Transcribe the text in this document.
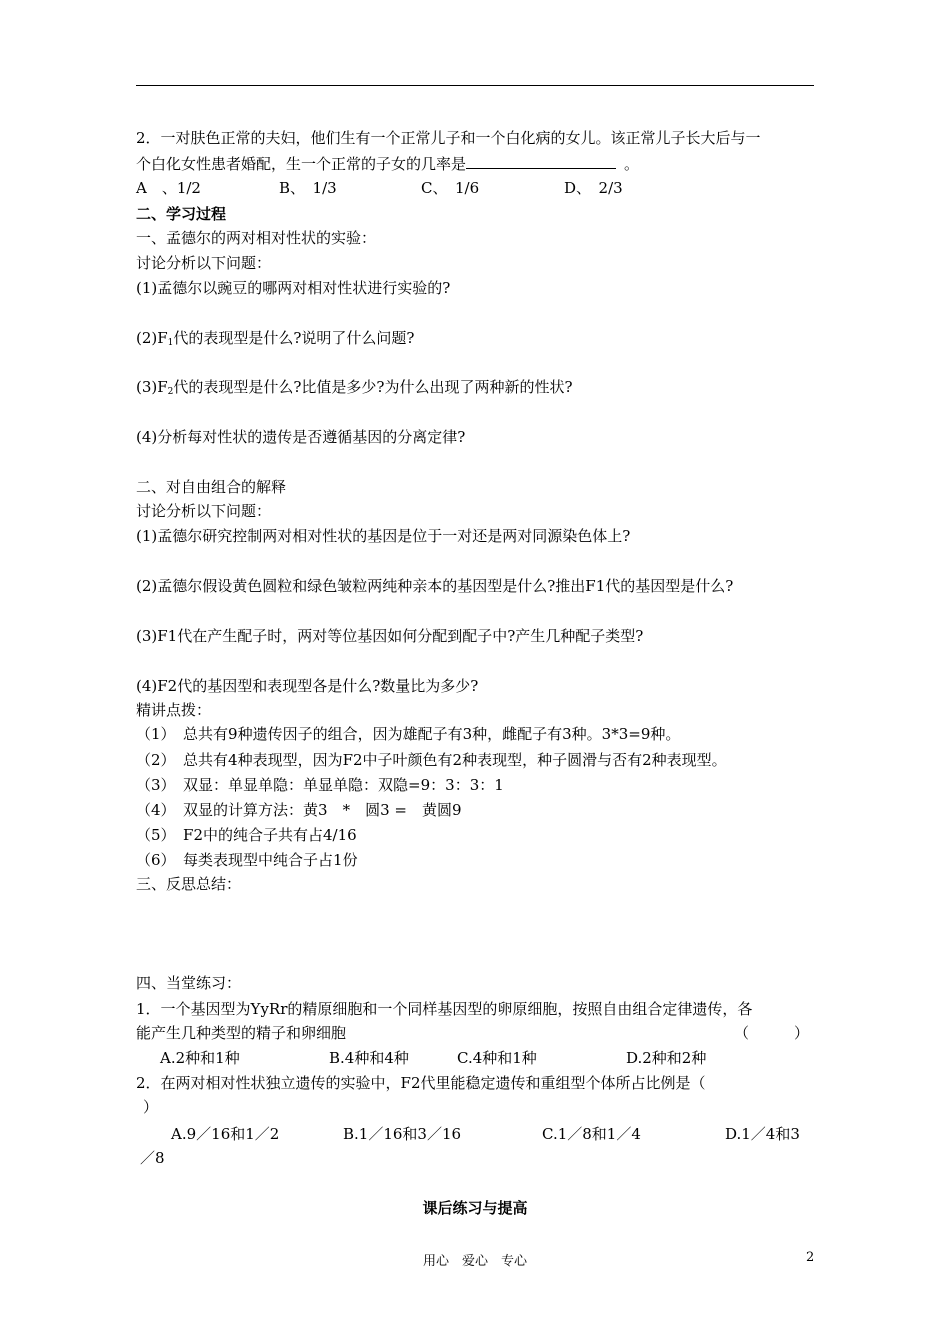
2．一对肤色正常的夫妇，他们生有一个正常儿子和一个白化病的女儿。该正常儿子长大后与一
个白化女性患者婚配，生一个正常的子女的几率是	。
A　、1/2	B、　1/3	C、　1/6	D、　2/3
二、学习过程
一、孟德尔的两对相对性状的实验：
讨论分析以下问题：
(1)孟德尔以豌豆的哪两对相对性状进行实验的?
$(2)F_1$代的表现型是什么?说明了什么问题?
$(3)F_2$代的表现型是什么?比值是多少?为什么出现了两种新的性状?
(4)分析每对性状的遗传是否遵循基因的分离定律?
二、对自由组合的解释
讨论分析以下问题：
(1)孟德尔研究控制两对相对性状的基因是位于一对还是两对同源染色体上?
(2)孟德尔假设黄色圆粒和绿色皱粒两纯种亲本的基因型是什么?推出F1代的基因型是什么?
(3)F1代在产生配子时，两对等位基因如何分配到配子中?产生几种配子类型?
(4)F2代的基因型和表现型各是什么?数量比为多少?
精讲点拨：
（1）　总共有9种遗传因子的组合，因为雄配子有3种，雌配子有3种。3*3=9种。
（2）　总共有4种表现型，因为F2中子叶颜色有2种表现型，种子圆滑与否有2种表现型。
（3）　双显：单显单隐：单显单隐：双隐=9：3：3：1
（4）　双显的计算方法：黄3　*　圆3 =　黄圆9
（5）　F2中的纯合子共有占4/16
（6）　每类表现型中纯合子占1份
三、反思总结：
四、当堂练习：
1．一个基因型为YyRr的精原细胞和一个同样基因型的卵原细胞，按照自由组合定律遗传，各
能产生几种类型的精子和卵细胞	（　　　）
A.2种和1种	B.4种和4种	C.4种和1种	D.2种和2种
2．在两对相对性状独立遗传的实验中，F2代里能稳定遗传和重组型个体所占比例是（
）
A.9／16和1／2	B.1／16和3／16	C.1／8和1／4	D.1／4和3
／8
课后练习与提高
用心　爱心　专心	2
